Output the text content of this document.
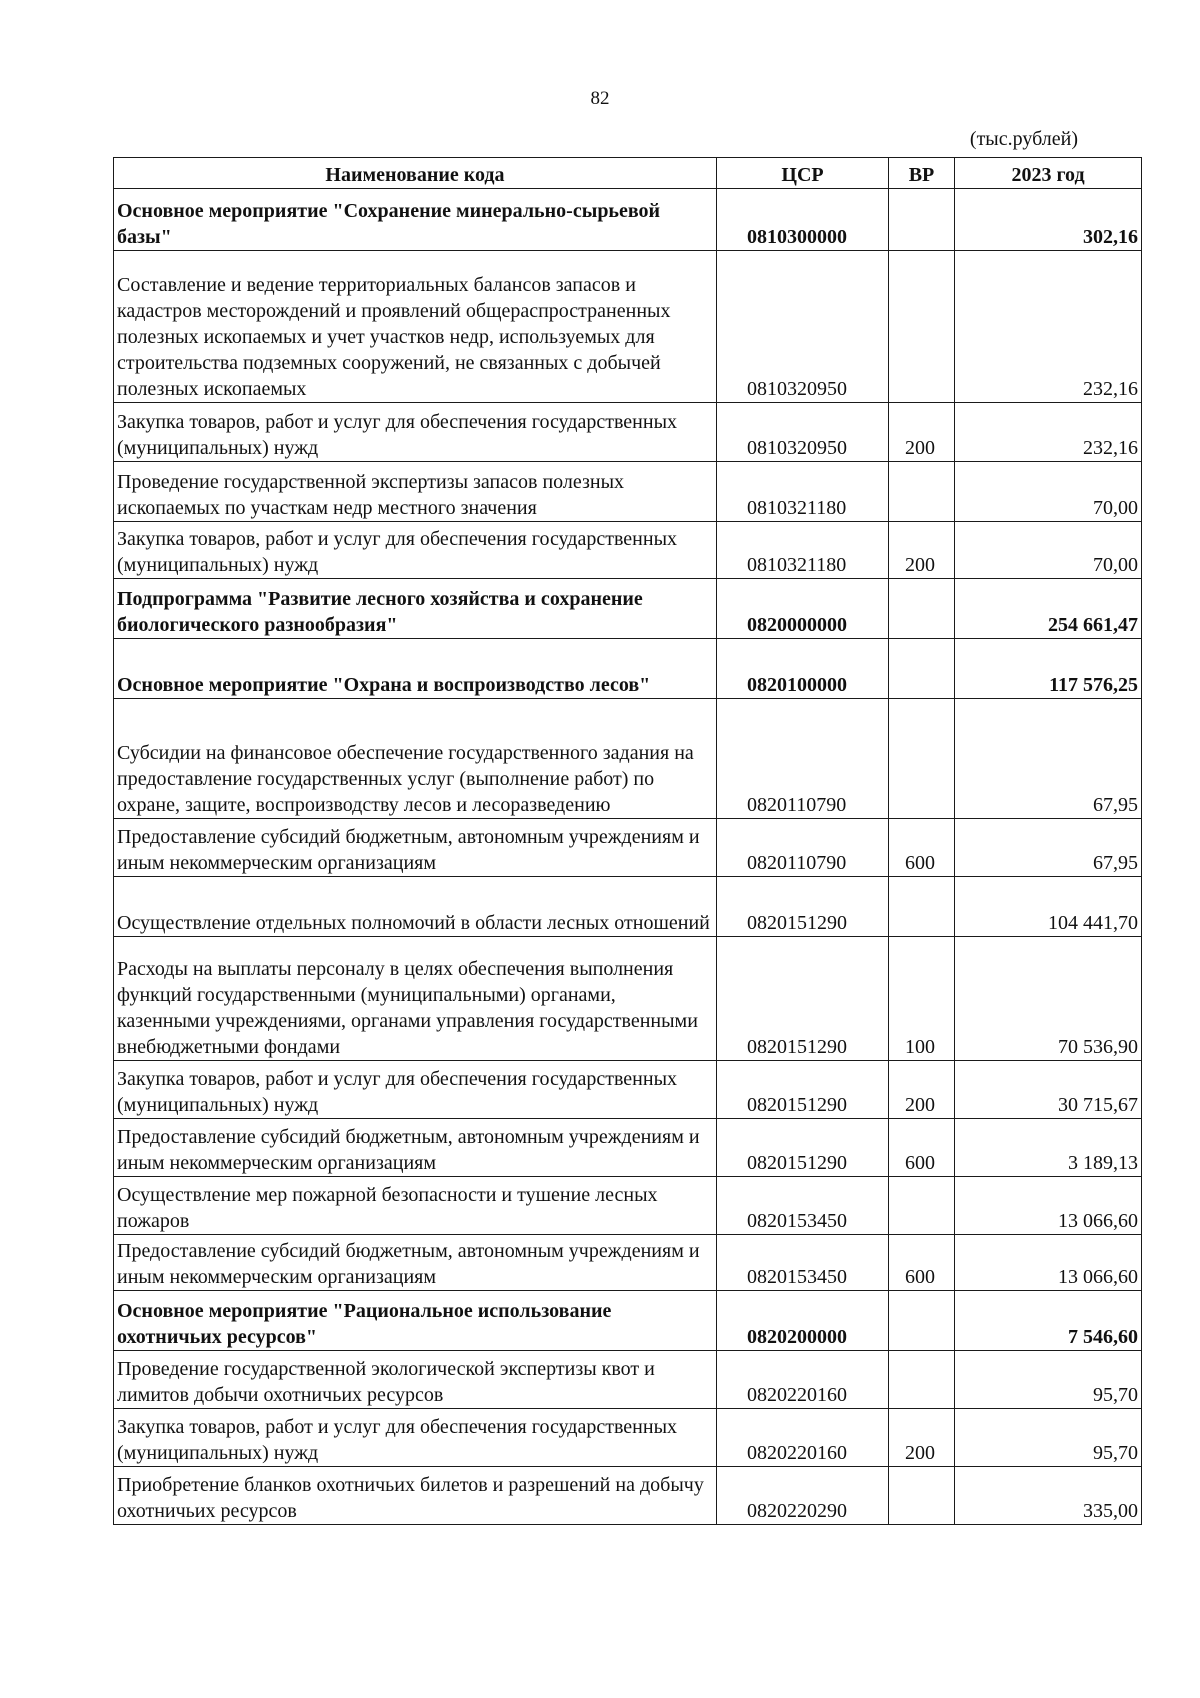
82
(тыс.рублей)
Наименование кода	ЦСР	ВР	2023 год
Основное мероприятие "Сохранение минерально-сырьевой базы"	0810300000		302,16
Составление и ведение территориальных балансов запасов и кадастров месторождений и проявлений общераспространенных полезных ископаемых и учет участков недр, используемых для строительства подземных сооружений, не связанных с добычей полезных ископаемых	0810320950		232,16
Закупка товаров, работ и услуг для обеспечения государственных (муниципальных) нужд	0810320950	200	232,16
Проведение государственной экспертизы запасов полезных ископаемых по участкам недр местного значения	0810321180		70,00
Закупка товаров, работ и услуг для обеспечения государственных (муниципальных) нужд	0810321180	200	70,00
Подпрограмма "Развитие лесного хозяйства и сохранение биологического разнообразия"	0820000000		254 661,47
Основное мероприятие "Охрана и воспроизводство лесов"	0820100000		117 576,25
Субсидии на финансовое обеспечение государственного задания на предоставление государственных услуг (выполнение работ) по охране, защите, воспроизводству лесов и лесоразведению	0820110790		67,95
Предоставление субсидий бюджетным, автономным учреждениям и иным некоммерческим организациям	0820110790	600	67,95
Осуществление отдельных полномочий в области лесных отношений	0820151290		104 441,70
Расходы на выплаты персоналу в целях обеспечения выполнения функций государственными (муниципальными) органами, казенными учреждениями, органами управления государственными внебюджетными фондами	0820151290	100	70 536,90
Закупка товаров, работ и услуг для обеспечения государственных (муниципальных) нужд	0820151290	200	30 715,67
Предоставление субсидий бюджетным, автономным учреждениям и иным некоммерческим организациям	0820151290	600	3 189,13
Осуществление мер пожарной безопасности и тушение лесных пожаров	0820153450		13 066,60
Предоставление субсидий бюджетным, автономным учреждениям и иным некоммерческим организациям	0820153450	600	13 066,60
Основное мероприятие "Рациональное использование охотничьих ресурсов"	0820200000		7 546,60
Проведение государственной экологической экспертизы квот и лимитов добычи охотничьих ресурсов	0820220160		95,70
Закупка товаров, работ и услуг для обеспечения государственных (муниципальных) нужд	0820220160	200	95,70
Приобретение бланков охотничьих билетов и разрешений на добычу охотничьих ресурсов	0820220290		335,00
